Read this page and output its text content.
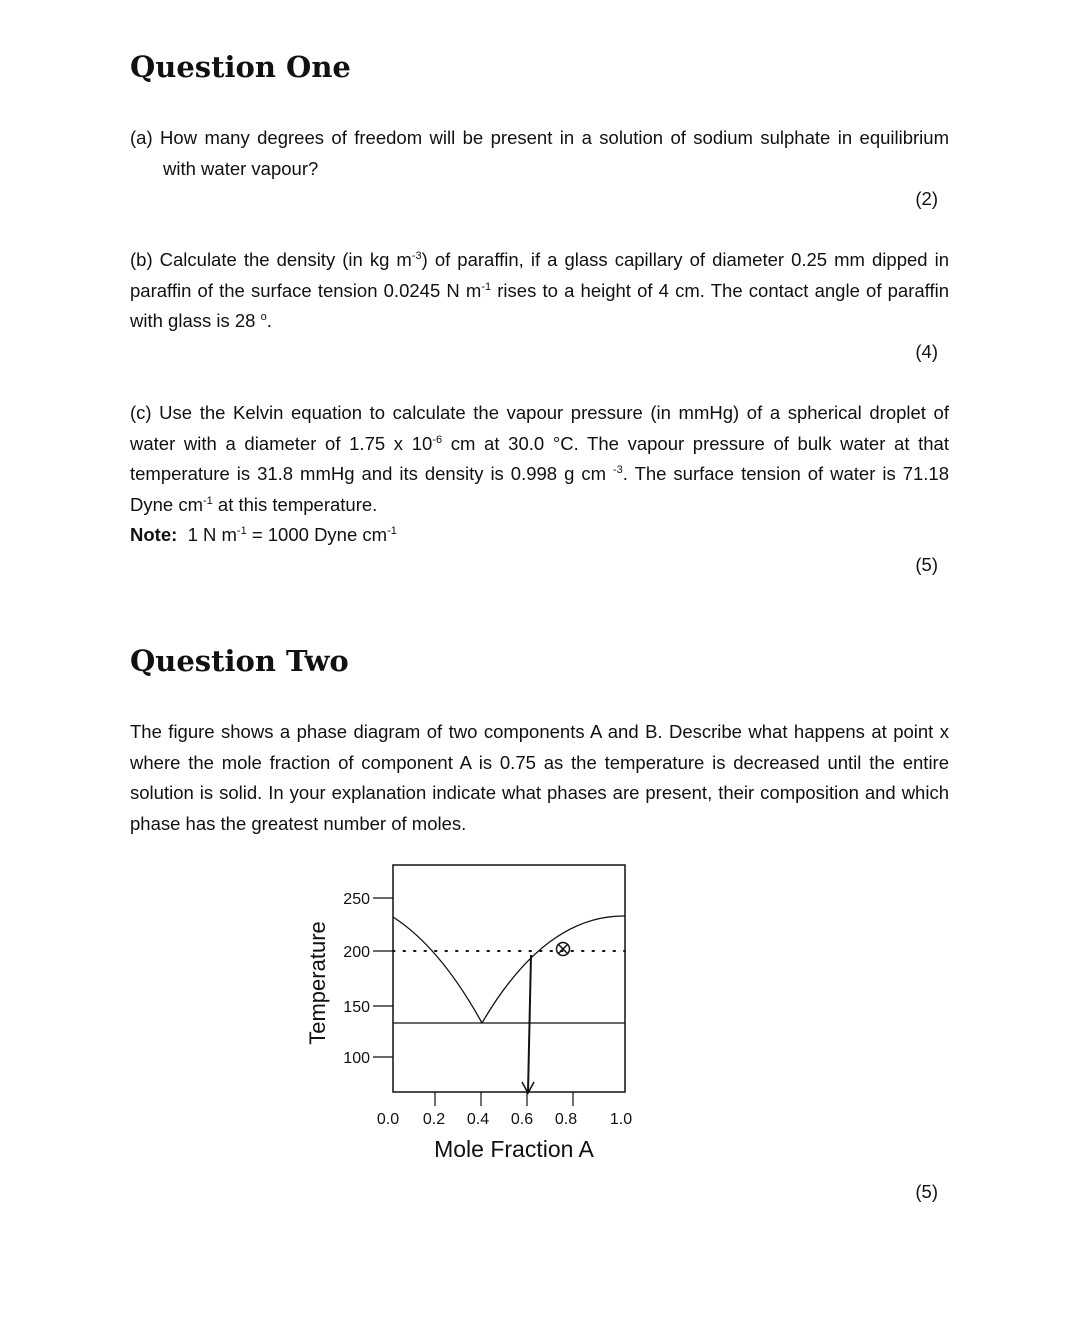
Question One

(a) How many degrees of freedom will be present in a solution of sodium sulphate in equilibrium with water vapour?

(2)

(b) Calculate the density (in kg $m^{-3}$) of paraffin, if a glass capillary of diameter 0.25 mm dipped in paraffin of the surface tension 0.0245 N $m^{-1}$ rises to a height of 4 cm. The contact angle of paraffin with glass is 28 $^o$.

(4)

(c) Use the Kelvin equation to calculate the vapour pressure (in mmHg) of a spherical droplet of water with a diameter of 1.75 x $10^{-6}$ cm at 30.0 °C. The vapour pressure of bulk water at that temperature is 31.8 mmHg and its density is 0.998 g cm $^{-3}$. The surface tension of water is 71.18 Dyne $cm^{-1}$ at this temperature.
Note: 1 N $m^{-1} = 1000$ Dyne $cm^{-1}$

(5)
Question Two

The figure shows a phase diagram of two components A and B. Describe what happens at point x where the mole fraction of component A is 0.75 as the temperature is decreased until the entire solution is solid. In your explanation indicate what phases are present, their composition and which phase has the greatest number of moles.

250
200
150
100
0.0 0.2 0.4 0.6 0.8 1.0
Mole Fraction A
Temperature
(5)
